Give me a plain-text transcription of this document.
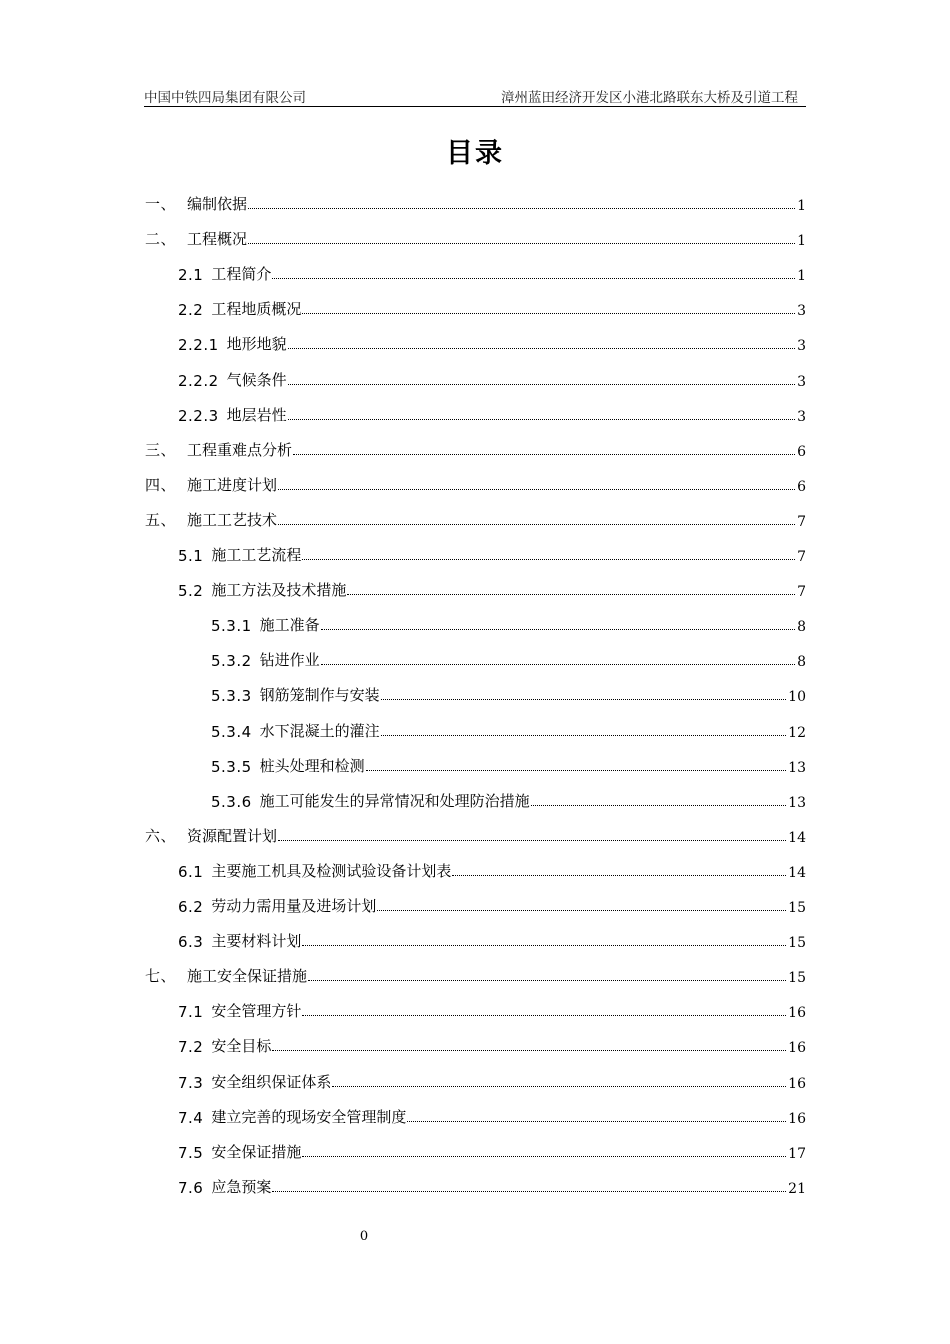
中国中铁四局集团有限公司	漳州蓝田经济开发区小港北路联东大桥及引道工程
目录
一、 编制依据	1
二、 工程概况	1
2.1 工程简介	1
2.2 工程地质概况	3
2.2.1 地形地貌	3
2.2.2 气候条件	3
2.2.3 地层岩性	3
三、 工程重难点分析	6
四、 施工进度计划	6
五、 施工工艺技术	7
5.1 施工工艺流程	7
5.2 施工方法及技术措施	7
5.3.1 施工准备	8
5.3.2 钻进作业	8
5.3.3 钢筋笼制作与安装	10
5.3.4 水下混凝土的灌注	12
5.3.5 桩头处理和检测	13
5.3.6 施工可能发生的异常情况和处理防治措施	13
六、 资源配置计划	14
6.1 主要施工机具及检测试验设备计划表	14
6.2 劳动力需用量及进场计划	15
6.3 主要材料计划	15
七、 施工安全保证措施	15
7.1 安全管理方针	16
7.2 安全目标	16
7.3 安全组织保证体系	16
7.4 建立完善的现场安全管理制度	16
7.5 安全保证措施	17
7.6 应急预案	21
0
